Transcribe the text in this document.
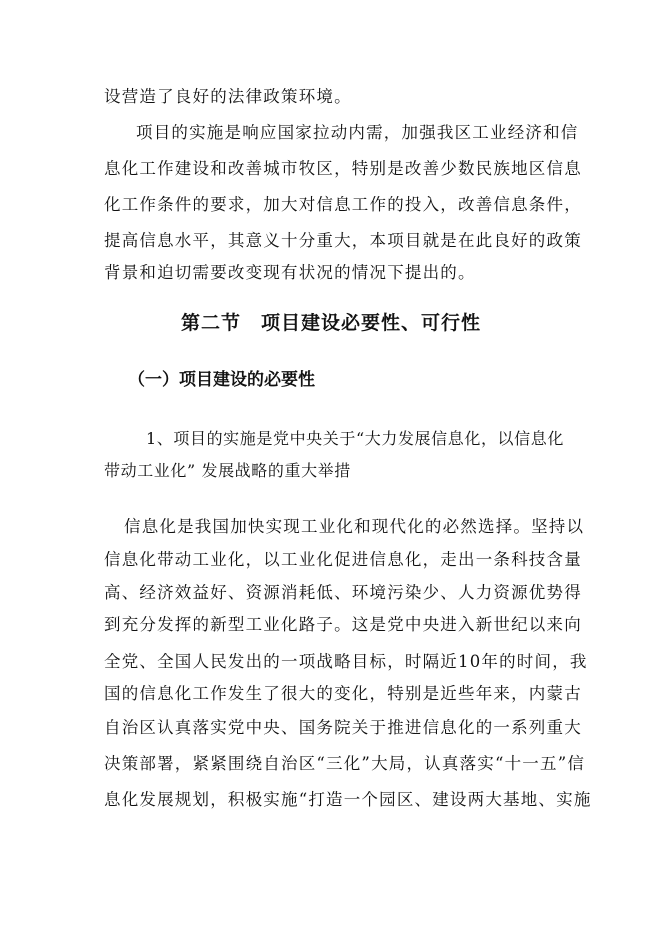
设营造了良好的法律政策环境。
项目的实施是响应国家拉动内需，加强我区工业经济和信
息化工作建设和改善城市牧区，特别是改善少数民族地区信息
化工作条件的要求，加大对信息工作的投入，改善信息条件，
提高信息水平，其意义十分重大，本项目就是在此良好的政策
背景和迫切需要改变现有状况的情况下提出的。
第二节　项目建设必要性、可行性
（一）项目建设的必要性
1、项目的实施是党中央关于“大力发展信息化，以信息化
带动工业化” 发展战略的重大举措
信息化是我国加快实现工业化和现代化的必然选择。坚持以
信息化带动工业化，以工业化促进信息化，走出一条科技含量
高、经济效益好、资源消耗低、环境污染少、人力资源优势得
到充分发挥的新型工业化路子。这是党中央进入新世纪以来向
全党、全国人民发出的一项战略目标，时隔近10年的时间，我
国的信息化工作发生了很大的变化，特别是近些年来，内蒙古
自治区认真落实党中央、国务院关于推进信息化的一系列重大
决策部署，紧紧围绕自治区“三化”大局，认真落实“十一五”信
息化发展规划，积极实施“打造一个园区、建设两大基地、实施
